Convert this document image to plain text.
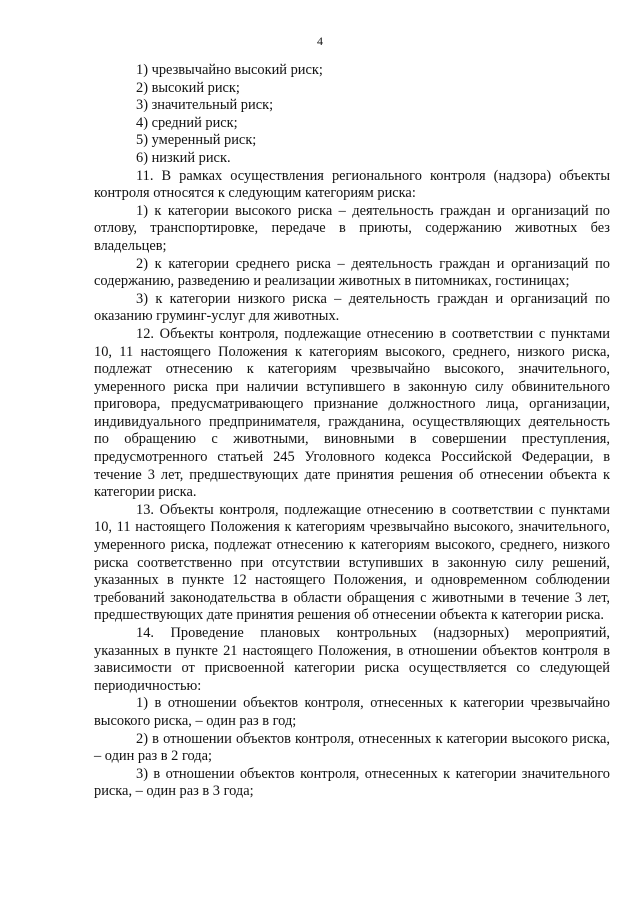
4
1) чрезвычайно высокий риск;
2) высокий риск;
3) значительный риск;
4) средний риск;
5) умеренный риск;
6) низкий риск.
11. В рамках осуществления регионального контроля (надзора) объекты контроля относятся к следующим категориям риска:
1) к категории высокого риска – деятельность граждан и организаций по отлову, транспортировке, передаче в приюты, содержанию животных без владельцев;
2) к категории среднего риска – деятельность граждан и организаций по содержанию, разведению и реализации животных в питомниках, гостиницах;
3) к категории низкого риска – деятельность граждан и организаций по оказанию груминг-услуг для животных.
12. Объекты контроля, подлежащие отнесению в соответствии с пунктами 10, 11 настоящего Положения к категориям высокого, среднего, низкого риска, подлежат отнесению к категориям чрезвычайно высокого, значительного, умеренного риска при наличии вступившего в законную силу обвинительного приговора, предусматривающего признание должностного лица, организации, индивидуального предпринимателя, гражданина, осуществляющих деятельность по обращению с животными, виновными в совершении преступления, предусмотренного статьей 245 Уголовного кодекса Российской Федерации, в течение 3 лет, предшествующих дате принятия решения об отнесении объекта к категории риска.
13. Объекты контроля, подлежащие отнесению в соответствии с пунктами 10, 11 настоящего Положения к категориям чрезвычайно высокого, значительного, умеренного риска, подлежат отнесению к категориям высокого, среднего, низкого риска соответственно при отсутствии вступивших в законную силу решений, указанных в пункте 12 настоящего Положения, и одновременном соблюдении требований законодательства в области обращения с животными в течение 3 лет, предшествующих дате принятия решения об отнесении объекта к категории риска.
14. Проведение плановых контрольных (надзорных) мероприятий, указанных в пункте 21 настоящего Положения, в отношении объектов контроля в зависимости от присвоенной категории риска осуществляется со следующей периодичностью:
1) в отношении объектов контроля, отнесенных к категории чрезвычайно высокого риска, – один раз в год;
2) в отношении объектов контроля, отнесенных к категории высокого риска, – один раз в 2 года;
3) в отношении объектов контроля, отнесенных к категории значительного риска, – один раз в 3 года;
